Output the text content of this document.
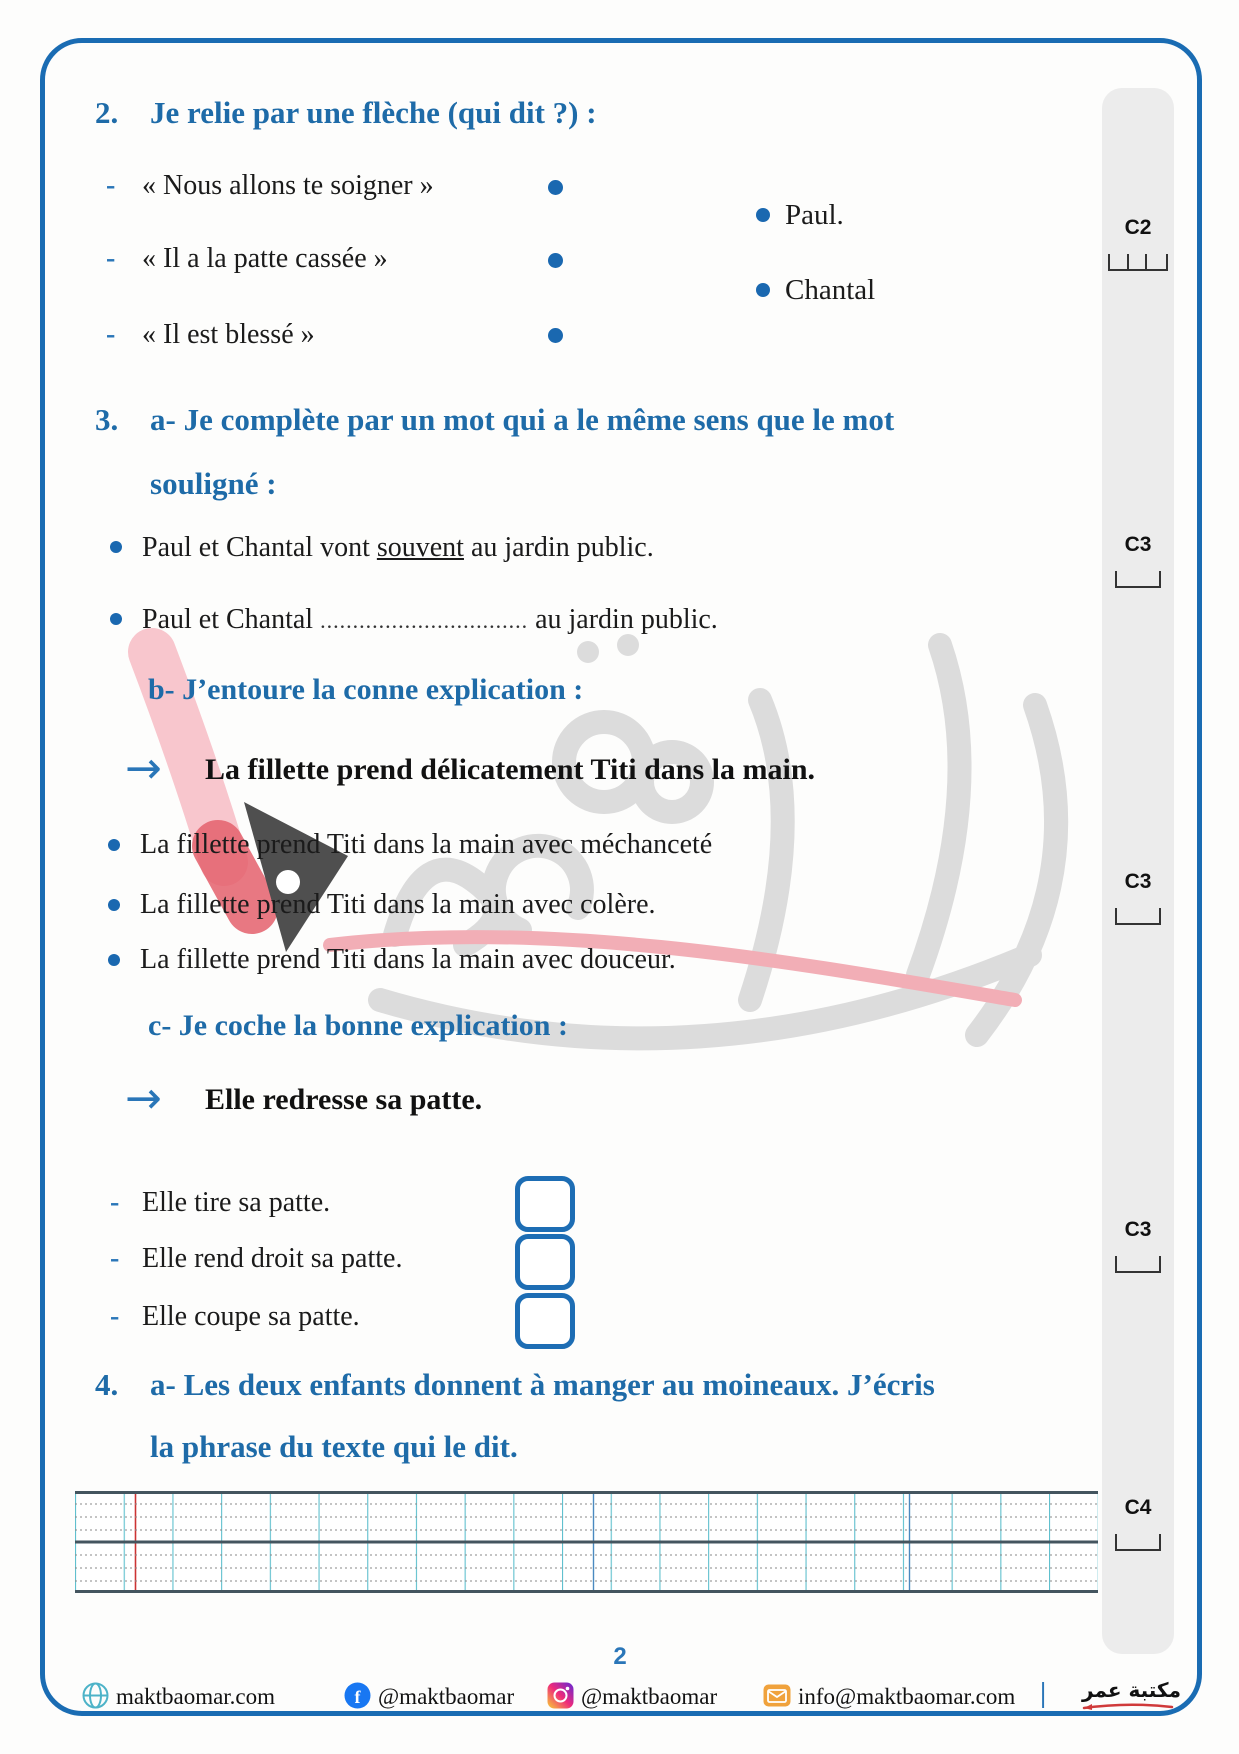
C2
C3
C3
C3
C4
2. Je relie par une flèche (qui dit ?) :
- « Nous allons te soigner »
- « Il a la patte cassée »
- « Il est blessé »
Paul.
Chantal
3. a- Je complète par un mot qui a le même sens que le mot
souligné :
Paul et Chantal vont souvent au jardin public.
Paul et Chantal ................................ au jardin public.
b- J’entoure la conne explication :
→ La fillette prend délicatement Titi dans la main.
La fillette prend Titi dans la main avec méchanceté
La fillette prend Titi dans la main avec colère.
La fillette prend Titi dans la main avec douceur.
c- Je coche la bonne explication :
→ Elle redresse sa patte.
- Elle tire sa patte.
- Elle rend droit sa patte.
- Elle coupe sa patte.
4. a- Les deux enfants donnent à manger au moineaux. J’écris
la phrase du texte qui le dit.
2
maktbaomar.com	f @maktbaomar	@maktbaomar	info@maktbaomar.com | مكتبة عمر
